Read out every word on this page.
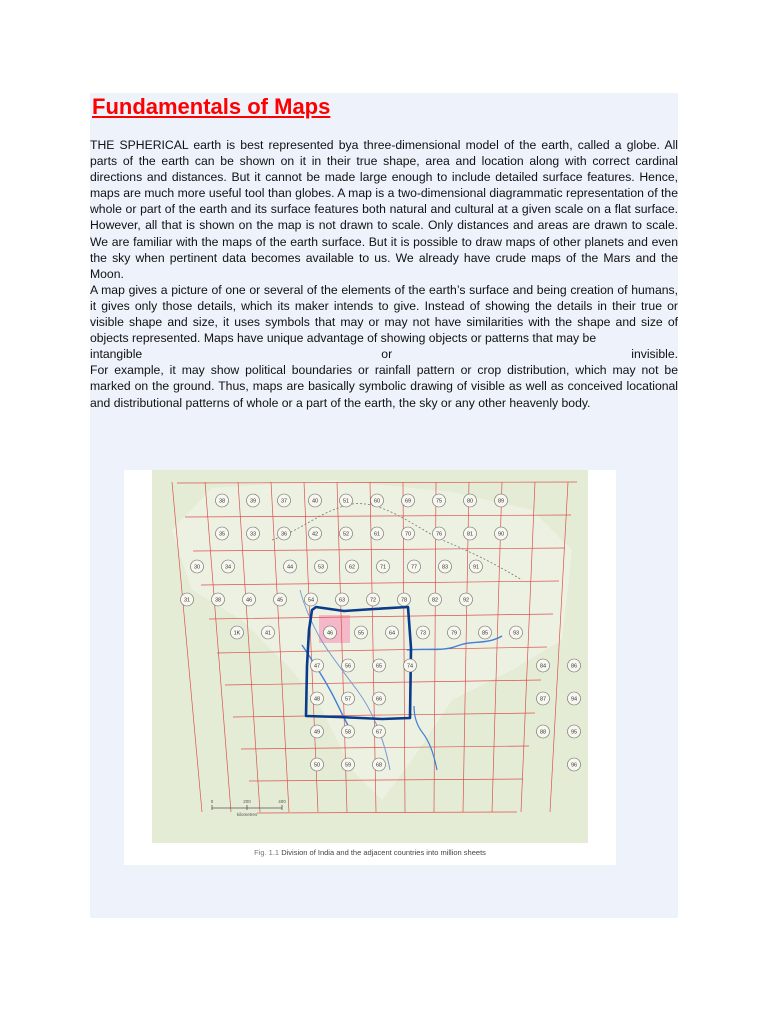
Fundamentals of Maps

THE SPHERICAL earth is best represented bya three-dimensional model of the earth, called a globe. All parts of the earth can be shown on it in their true shape, area and location along with correct cardinal directions and distances. But it cannot be made large enough to include detailed surface features. Hence, maps are much more useful tool than globes. A map is a two-dimensional diagrammatic representation of the whole or part of the earth and its surface features both natural and cultural at a given scale on a flat surface. However, all that is shown on the map is not drawn to scale. Only distances and areas are drawn to scale. We are familiar with the maps of the earth surface. But it is possible to draw maps of other planets and even the sky when pertinent data becomes available to us. We already have crude maps of the Mars and the Moon.

A map gives a picture of one or several of the elements of the earth’s surface and being creation of humans, it gives only those details, which its maker intends to give. Instead of showing the details in their true or visible shape and size, it uses symbols that may or may not have similarities with the shape and size of objects represented. Maps have unique advantage of showing objects or patterns that may be

intangible	or	invisible.

For example, it may show political boundaries or rainfall pattern or crop distribution, which may not be marked on the ground. Thus, maps are basically symbolic drawing of visible as well as conceived locational and distributional patterns of whole or a part of the earth, the sky or any other heavenly body.

38	39	37	40	51	60	69	75	80	89
35	33	36	42	52	61	70	76	81	90
30	34	44	53	62	71	77	83	91
31	38	46	45	54	63	72	78	82	92
1K	41	46	55	64	73	79	85	93
47	56	65	74	84	86
48	57	66	87	94
49	58	67	88	95
50	59	68	96
0	200	400
kilometres
Fig. 1.1 Division of India and the adjacent countries into million sheets
